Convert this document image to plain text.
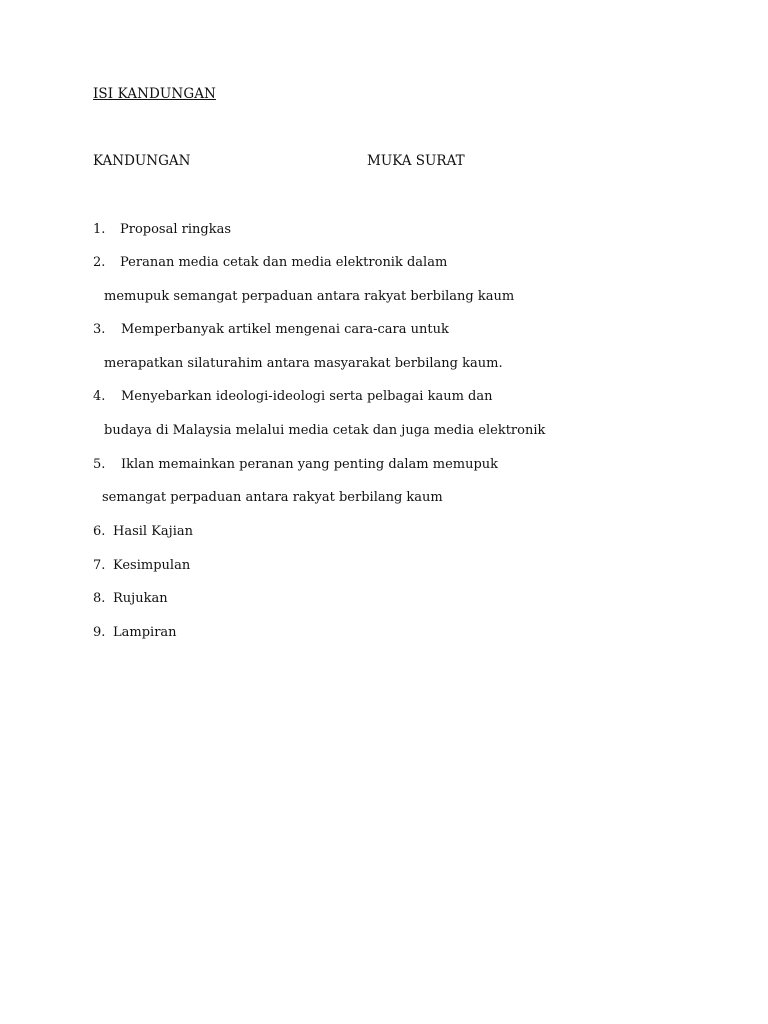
ISI KANDUNGAN
KANDUNGAN	MUKA SURAT
1. Proposal ringkas
2. Peranan media cetak dan media elektronik dalam
memupuk semangat perpaduan antara rakyat berbilang kaum
3. Memperbanyak artikel mengenai cara-cara untuk
merapatkan silaturahim antara masyarakat berbilang kaum.
4. Menyebarkan ideologi-ideologi serta pelbagai kaum dan
budaya di Malaysia melalui media cetak dan juga media elektronik
5. Iklan memainkan peranan yang penting dalam memupuk
semangat perpaduan antara rakyat berbilang kaum
6. Hasil Kajian
7. Kesimpulan
8. Rujukan
9. Lampiran
